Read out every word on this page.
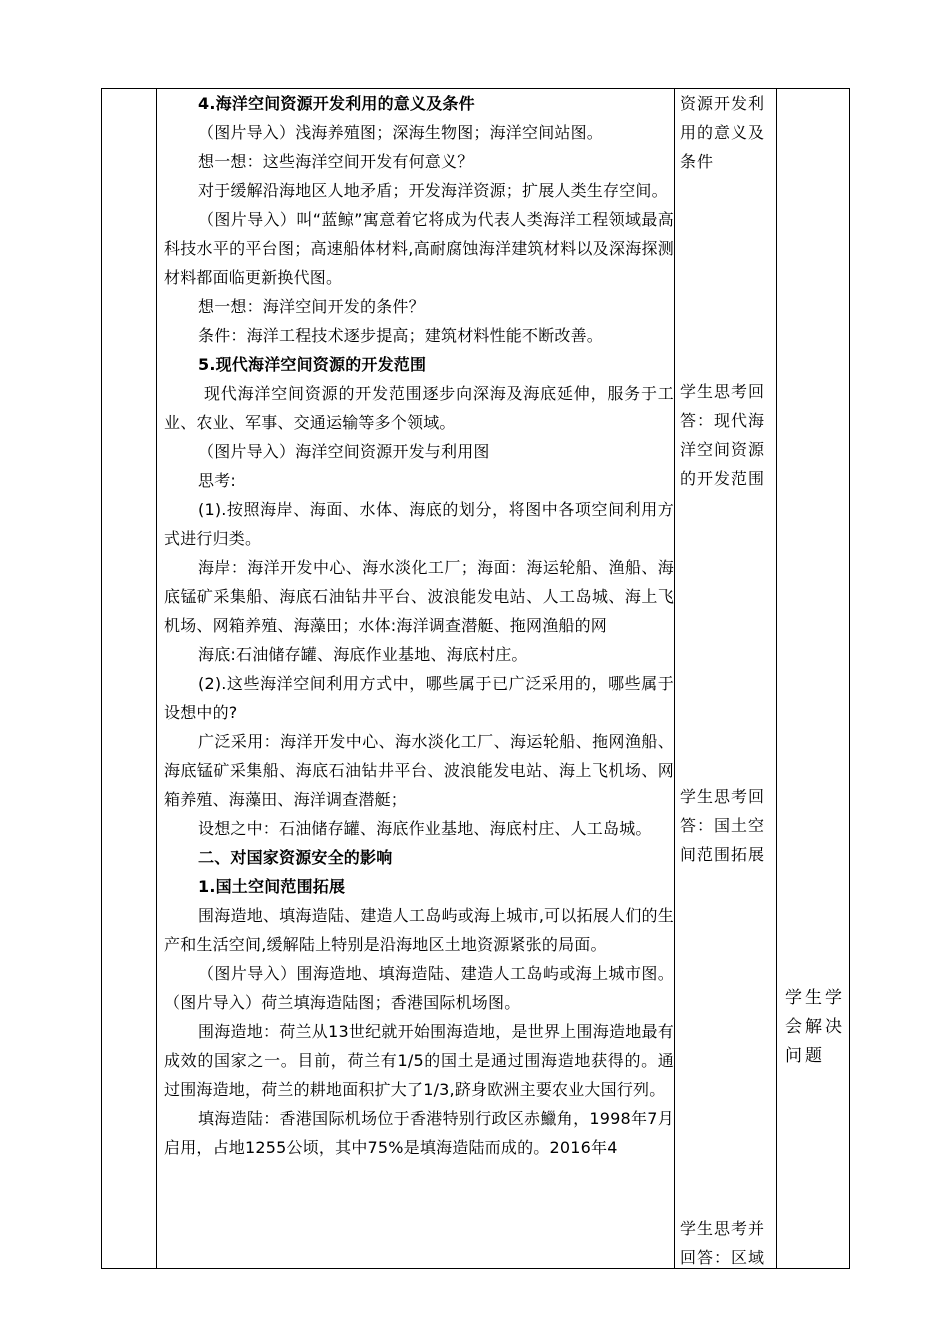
4.海洋空间资源开发利用的意义及条件

（图片导入）浅海养殖图；深海生物图；海洋空间站图。

想一想：这些海洋空间开发有何意义？

对于缓解沿海地区人地矛盾；开发海洋资源；扩展人类生存空间。

（图片导入）叫“蓝鲸”寓意着它将成为代表人类海洋工程领域最高科技水平的平台图；高速船体材料,高耐腐蚀海洋建筑材料以及深海探测材料都面临更新换代图。

想一想：海洋空间开发的条件？

条件：海洋工程技术逐步提高；建筑材料性能不断改善。

5.现代海洋空间资源的开发范围

现代海洋空间资源的开发范围逐步向深海及海底延伸，服务于工业、农业、军事、交通运输等多个领域。

（图片导入）海洋空间资源开发与利用图

思考:

(1).按照海岸、海面、水体、海底的划分，将图中各项空间利用方式进行归类。

海岸：海洋开发中心、海水淡化工厂；海面：海运轮船、渔船、海底锰矿采集船、海底石油钻井平台、波浪能发电站、人工岛城、海上飞机场、网箱养殖、海藻田；水体:海洋调查潜艇、拖网渔船的网

海底:石油储存罐、海底作业基地、海底村庄。

(2).这些海洋空间利用方式中，哪些属于已广泛采用的，哪些属于设想中的?

广泛采用：海洋开发中心、海水淡化工厂、海运轮船、拖网渔船、海底锰矿采集船、海底石油钻井平台、波浪能发电站、海上飞机场、网箱养殖、海藻田、海洋调查潜艇；

设想之中：石油储存罐、海底作业基地、海底村庄、人工岛城。

二、对国家资源安全的影响

1.国土空间范围拓展

围海造地、填海造陆、建造人工岛屿或海上城市,可以拓展人们的生产和生活空间,缓解陆上特别是沿海地区土地资源紧张的局面。

（图片导入）围海造地、填海造陆、建造人工岛屿或海上城市图。（图片导入）荷兰填海造陆图；香港国际机场图。

围海造地：荷兰从13世纪就开始围海造地，是世界上围海造地最有成效的国家之一。目前，荷兰有1/5的国土是通过围海造地获得的。通过围海造地，荷兰的耕地面积扩大了1/3,跻身欧洲主要农业大国行列。

填海造陆：香港国际机场位于香港特别行政区赤鱲角，1998年7月启用，占地1255公顷，其中75%是填海造陆而成的。2016年4

资源开发利用的意义及条件

学生思考回答：现代海洋空间资源的开发范围

学生思考回答：国土空间范围拓展

学生思考并回答：区域

学生学会解决问题
